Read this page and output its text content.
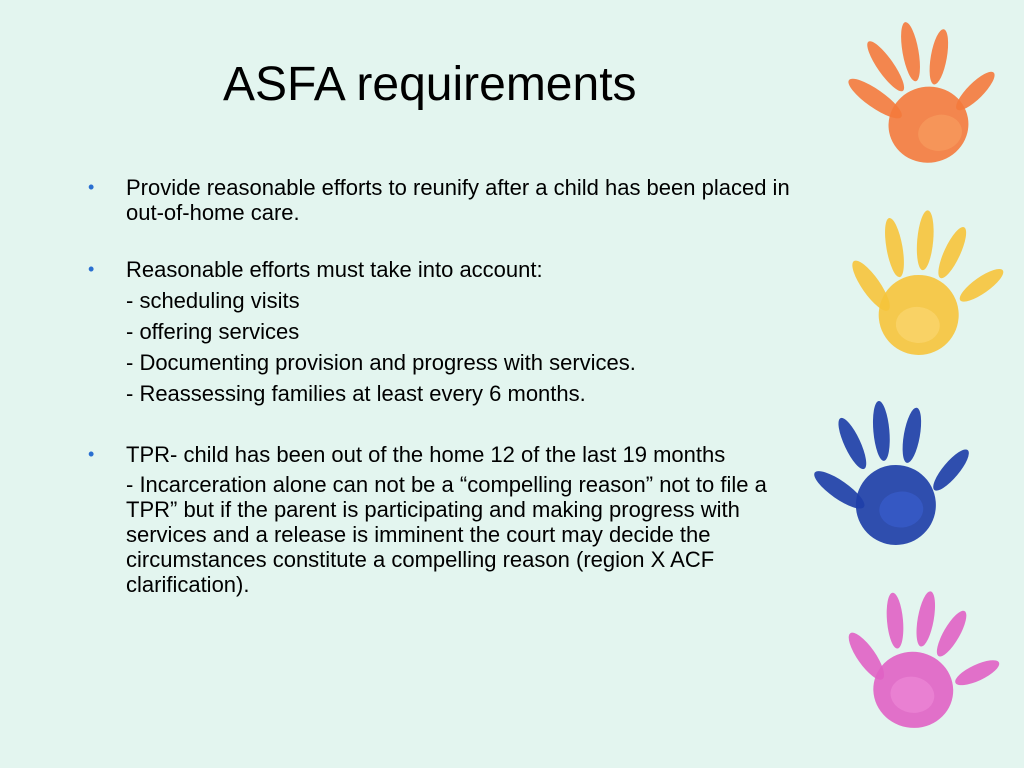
ASFA requirements
• Provide reasonable efforts to reunify after a child has been placed in out-of-home care.
• Reasonable efforts must take into account:
- scheduling visits
- offering services
- Documenting provision and progress with services.
- Reassessing families at least every 6 months.
• TPR- child has been out of the home 12 of the last 19 months
- Incarceration alone can not be a “compelling reason” not to file a TPR” but if the parent is participating and making progress with services and a release is imminent the court may decide the circumstances constitute a compelling reason (region X ACF clarification).
